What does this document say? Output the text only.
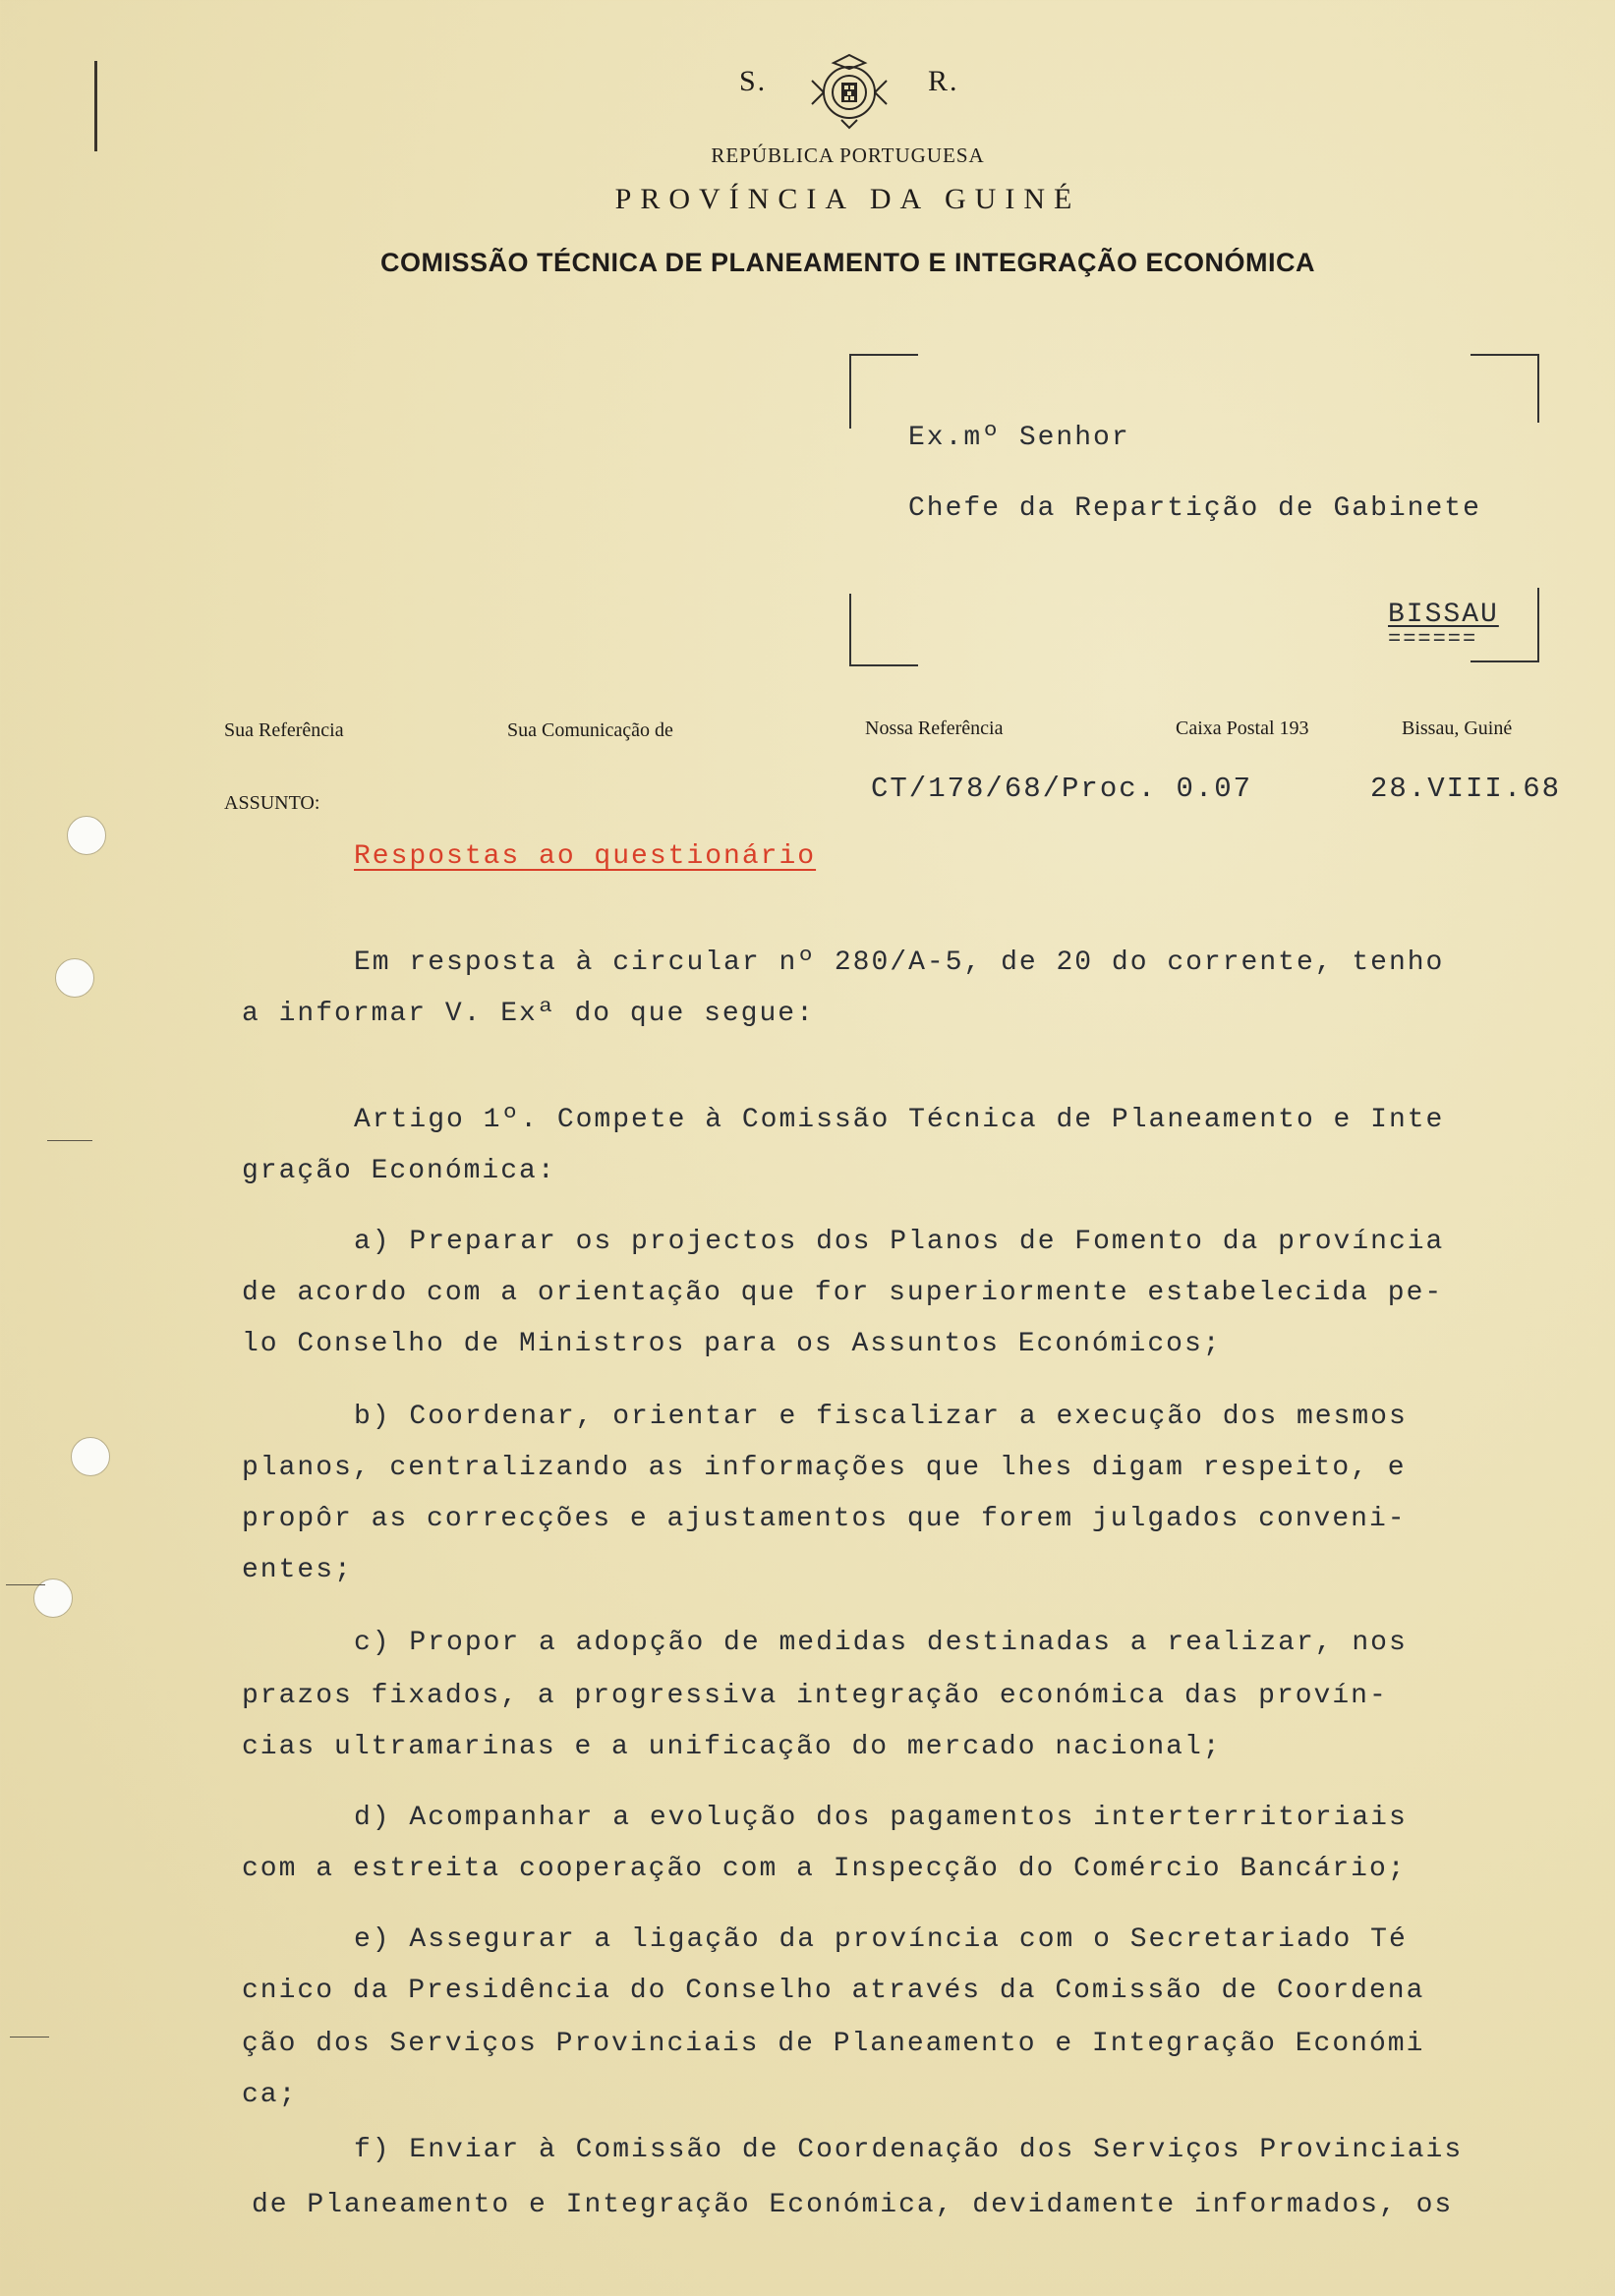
S.	R.
REPÚBLICA PORTUGUESA
PROVÍNCIA DA GUINÉ
COMISSÃO TÉCNICA DE PLANEAMENTO E INTEGRAÇÃO ECONÓMICA
Ex.mº Senhor
Chefe da Repartição de Gabinete
BISSAU
======
Sua Referência	Sua Comunicação de	Nossa Referência	Caixa Postal 193	Bissau, Guiné
ASSUNTO:	CT/178/68/Proc. 0.07	28.VIII.68
Respostas ao questionário
Em resposta à circular nº 280/A-5, de 20 do corrente, tenho
a informar V. Exª do que segue:
Artigo 1º. Compete à Comissão Técnica de Planeamento e Inte
gração Económica:
a) Preparar os projectos dos Planos de Fomento da província
de acordo com a orientação que for superiormente estabelecida pe-
lo Conselho de Ministros para os Assuntos Económicos;
b) Coordenar, orientar e fiscalizar a execução dos mesmos
planos, centralizando as informações que lhes digam respeito, e
propôr as correcções e ajustamentos que forem julgados conveni-
entes;
c) Propor a adopção de medidas destinadas a realizar, nos
prazos fixados, a progressiva integração económica das provín-
cias ultramarinas e a unificação do mercado nacional;
d) Acompanhar a evolução dos pagamentos interterritoriais
com a estreita cooperação com a Inspecção do Comércio Bancário;
e) Assegurar a ligação da província com o Secretariado Té
cnico da Presidência do Conselho através da Comissão de Coordena
ção dos Serviços Provinciais de Planeamento e Integração Económi
ca;
f) Enviar à Comissão de Coordenação dos Serviços Provinciais
de Planeamento e Integração Económica, devidamente informados, os
